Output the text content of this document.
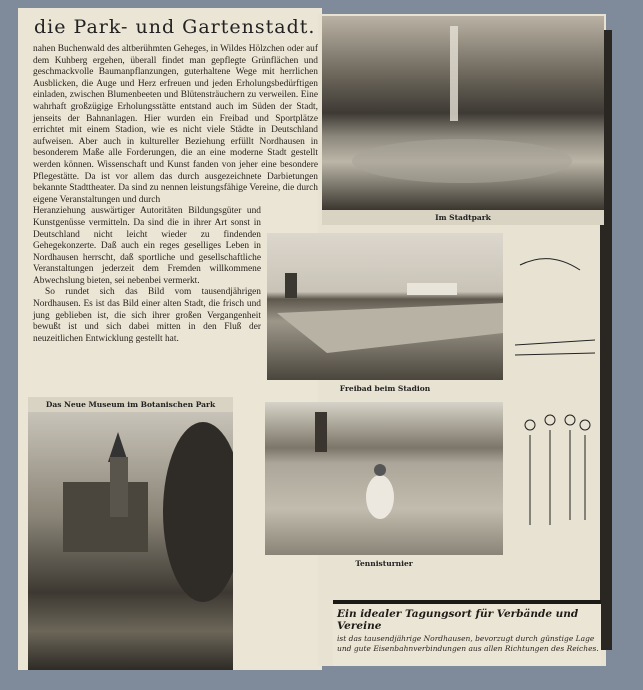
die Park- und Gartenstadt.

nahen Buchenwald des altberühmten Geheges, in Wildes Hölzchen oder auf dem Kuhberg ergehen, überall findet man gepflegte Grünflächen und geschmackvolle Baumanpflanzungen, guterhaltene Wege mit herrlichen Ausblicken, die Auge und Herz erfreuen und jeden Erholungsbedürftigen einladen, zwischen Blumenbeeten und Blütensträuchern zu verweilen. Eine wahrhaft großzügige Erholungsstätte entstand auch im Süden der Stadt, jenseits der Bahnanlagen. Hier wurden ein Freibad und Sportplätze errichtet mit einem Stadion, wie es nicht viele Städte in Deutschland aufweisen. Aber auch in kultureller Beziehung erfüllt Nordhausen in besonderem Maße alle Forderungen, die an eine moderne Stadt gestellt werden können. Wissenschaft und Kunst fanden von jeher eine besondere Pflegestätte. Da ist vor allem das durch ausgezeichnete Darbietungen bekannte Stadttheater. Da sind zu nennen leistungsfähige Vereine, die durch eigene Veranstaltungen und durch

Heranziehung auswärtiger Autoritäten Bildungsgüter und Kunstgenüsse vermitteln. Da sind die in ihrer Art sonst in Deutschland nicht leicht wieder zu findenden Gehegekonzerte. Daß auch ein reges geselliges Leben in Nordhausen herrscht, daß sportliche und gesellschaftliche Veranstaltungen jederzeit dem Fremden willkommene Abwechslung bieten, sei nebenbei vermerkt.

So rundet sich das Bild vom tausendjährigen Nordhausen. Es ist das Bild einer alten Stadt, die frisch und jung geblieben ist, die sich ihrer großen Vergangenheit bewußt ist und sich dabei mitten in den Fluß der neuzeitlichen Entwicklung gestellt hat.

Im Stadtpark
Freibad beim Stadion
Tennisturnier
Das Neue Museum im Botanischen Park
Ein idealer Tagungsort für Verbände und Vereine
ist das tausendjährige Nordhausen, bevorzugt durch günstige Lage
und gute Eisenbahnverbindungen aus allen Richtungen des Reiches.
